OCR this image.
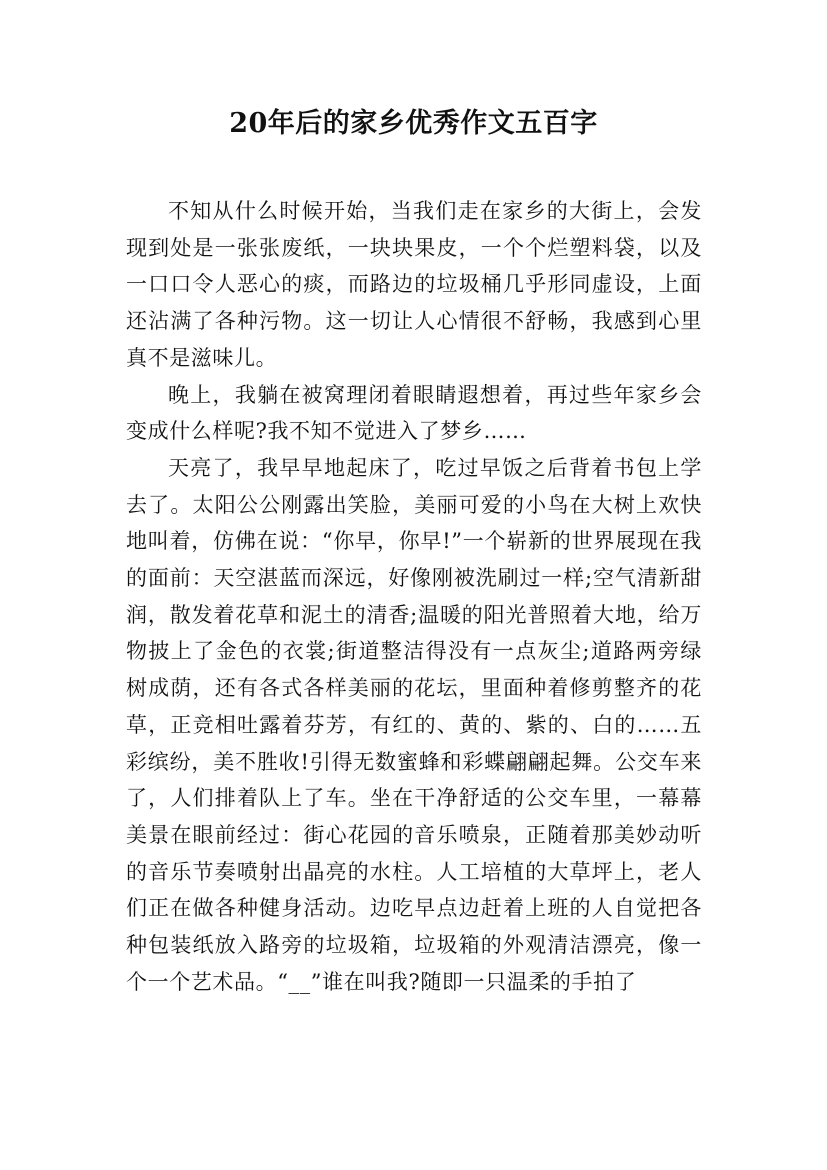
20年后的家乡优秀作文五百字

不知从什么时候开始，当我们走在家乡的大街上，会发现到处是一张张废纸，一块块果皮，一个个烂塑料袋，以及一口口令人恶心的痰，而路边的垃圾桶几乎形同虚设，上面还沾满了各种污物。这一切让人心情很不舒畅，我感到心里真不是滋味儿。

晚上，我躺在被窝理闭着眼睛遐想着，再过些年家乡会变成什么样呢?我不知不觉进入了梦乡……

天亮了，我早早地起床了，吃过早饭之后背着书包上学去了。太阳公公刚露出笑脸，美丽可爱的小鸟在大树上欢快地叫着，仿佛在说：“你早，你早!”一个崭新的世界展现在我的面前：天空湛蓝而深远，好像刚被洗刷过一样;空气清新甜润，散发着花草和泥土的清香;温暖的阳光普照着大地，给万物披上了金色的衣裳;街道整洁得没有一点灰尘;道路两旁绿树成荫，还有各式各样美丽的花坛，里面种着修剪整齐的花草，正竞相吐露着芬芳，有红的、黄的、紫的、白的……五彩缤纷，美不胜收!引得无数蜜蜂和彩蝶翩翩起舞。公交车来了，人们排着队上了车。坐在干净舒适的公交车里，一幕幕美景在眼前经过：街心花园的音乐喷泉，正随着那美妙动听的音乐节奏喷射出晶亮的水柱。人工培植的大草坪上，老人们正在做各种健身活动。边吃早点边赶着上班的人自觉把各种包装纸放入路旁的垃圾箱，垃圾箱的外观清洁漂亮，像一个一个艺术品。“__”谁在叫我?随即一只温柔的手拍了
